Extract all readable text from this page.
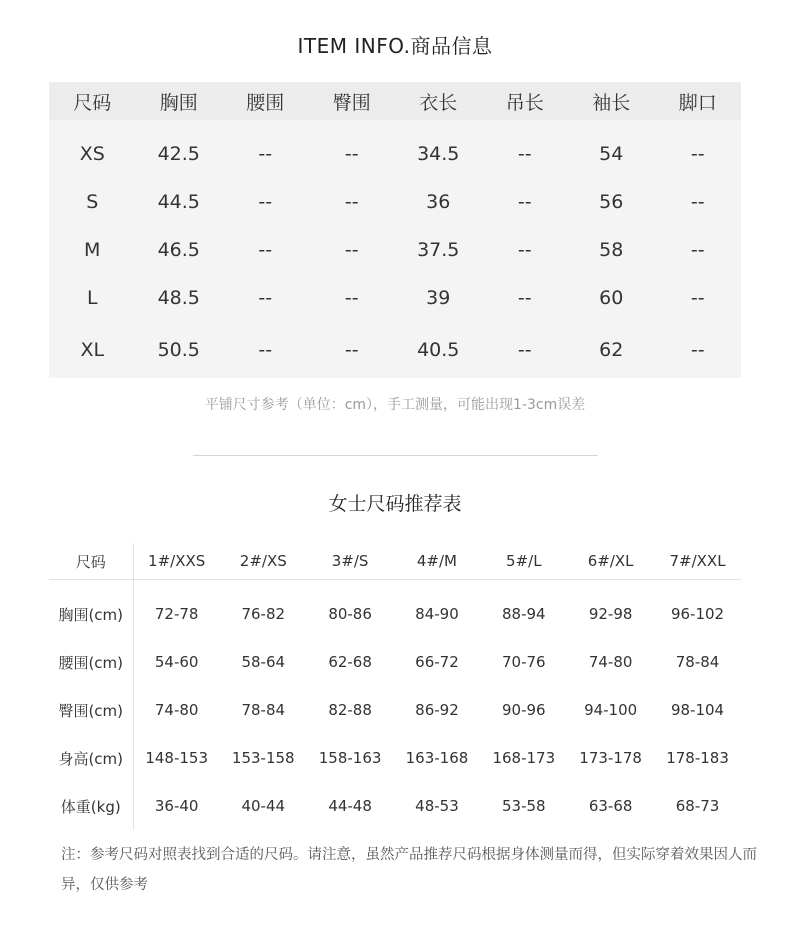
ITEM INFO.商品信息
尺码	胸围	腰围	臀围	衣长	吊长	袖长	脚口
XS	42.5	--	--	34.5	--	54	--
S	44.5	--	--	36	--	56	--
M	46.5	--	--	37.5	--	58	--
L	48.5	--	--	39	--	60	--
XL	50.5	--	--	40.5	--	62	--
平铺尺寸参考（单位：cm），手工测量，可能出现1-3cm误差
女士尺码推荐表
尺码	1#/XXS	2#/XS	3#/S	4#/M	5#/L	6#/XL	7#/XXL
胸围(cm)	72-78	76-82	80-86	84-90	88-94	92-98	96-102
腰围(cm)	54-60	58-64	62-68	66-72	70-76	74-80	78-84
臀围(cm)	74-80	78-84	82-88	86-92	90-96	94-100	98-104
身高(cm)	148-153	153-158	158-163	163-168	168-173	173-178	178-183
体重(kg)	36-40	40-44	44-48	48-53	53-58	63-68	68-73
注：参考尺码对照表找到合适的尺码。请注意，虽然产品推荐尺码根据身体测量而得，但实际穿着效果因人而异，仅供参考
